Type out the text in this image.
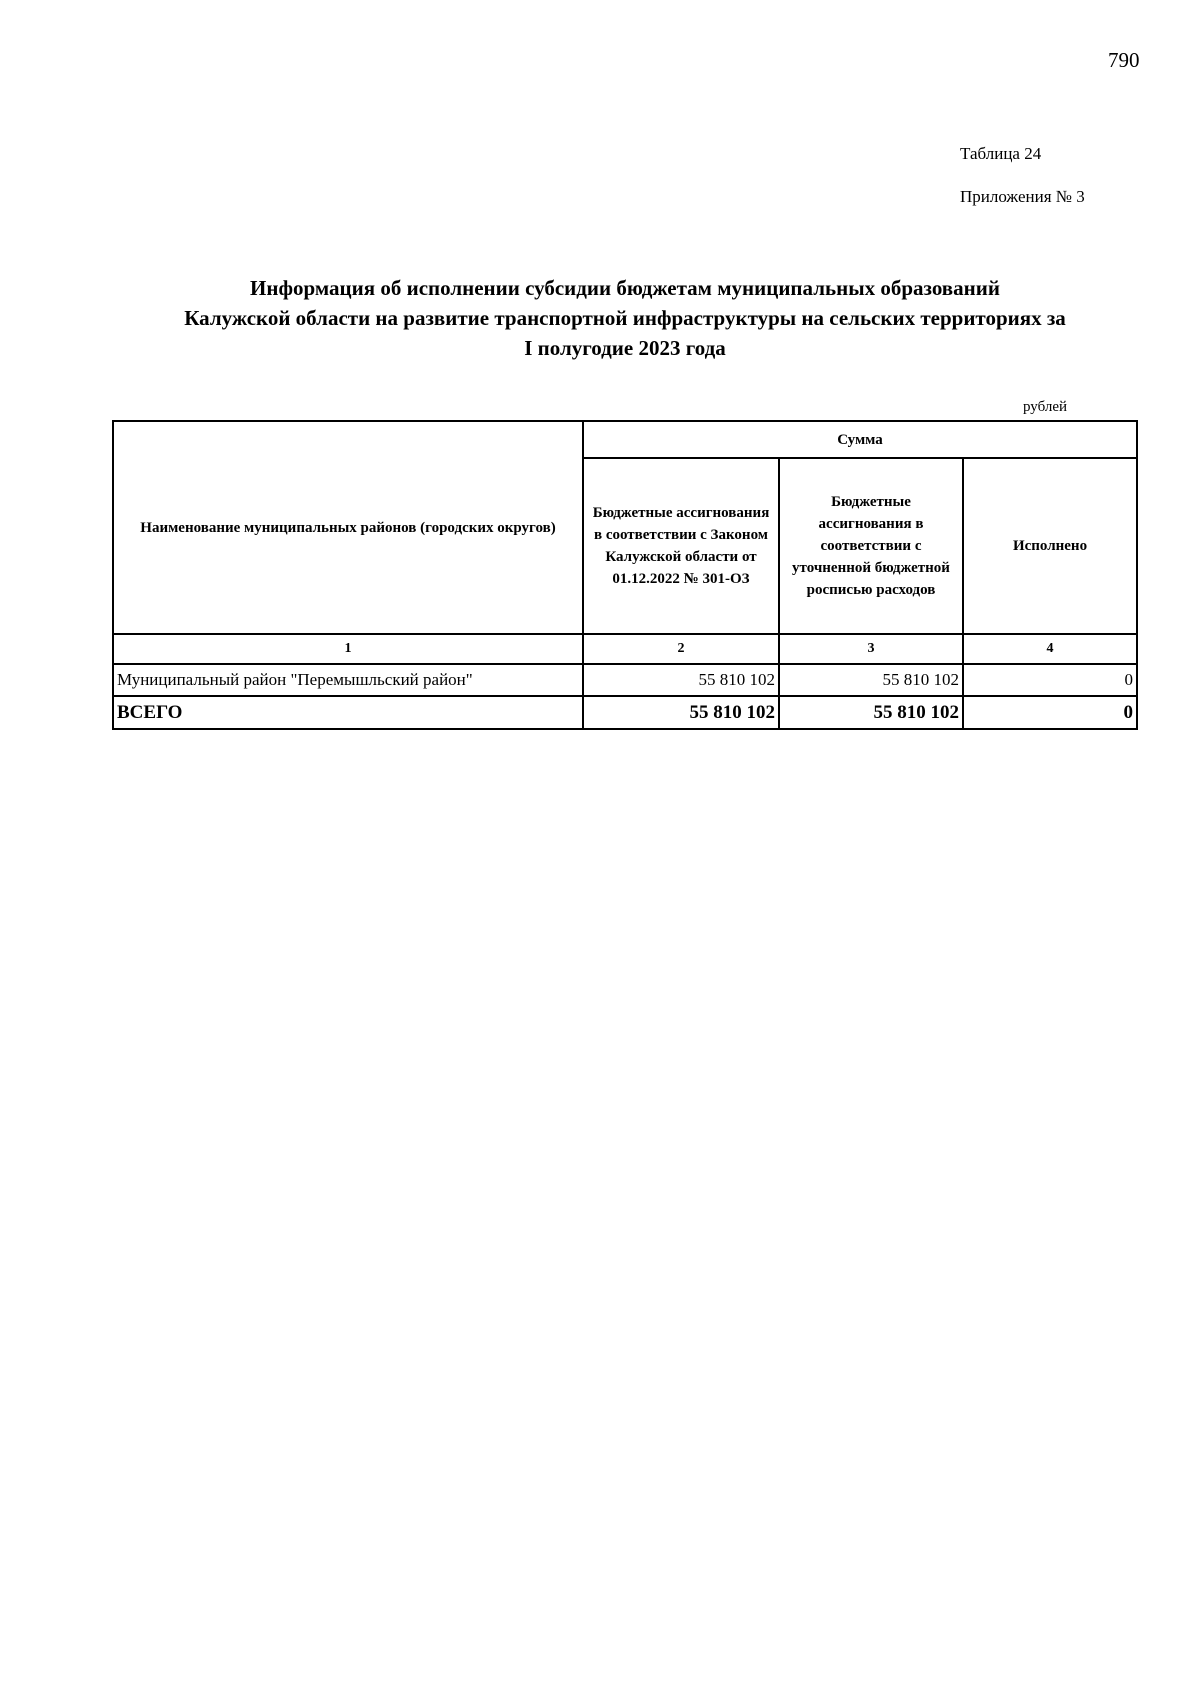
790
Таблица 24
Приложения № 3
Информация об исполнении субсидии бюджетам муниципальных образований
Калужской области на развитие транспортной инфраструктуры на сельских территориях за
I полугодие 2023 года
рублей
Наименование муниципальных районов (городских округов)	Сумма		
	Бюджетные ассигнования в соответствии с Законом Калужской области от 01.12.2022 № 301-ОЗ	Бюджетные ассигнования в соответствии с уточненной бюджетной росписью расходов	Исполнено
1	2	3	4
Муниципальный район "Перемышльский район"	55 810 102	55 810 102	0
ВСЕГО	55 810 102	55 810 102	0
